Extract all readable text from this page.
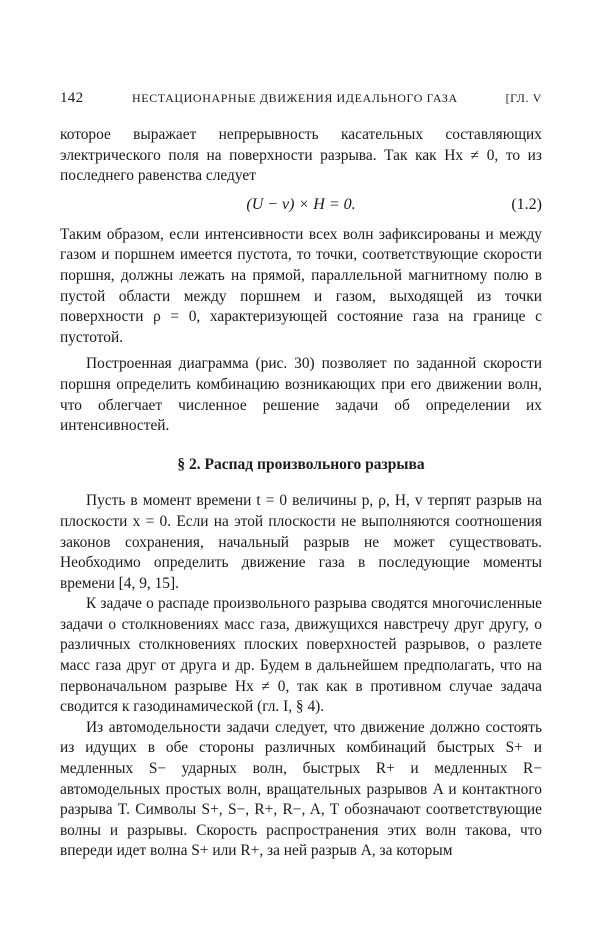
142	НЕСТАЦИОНАРНЫЕ ДВИЖЕНИЯ ИДЕАЛЬНОГО ГАЗА	[ГЛ. V

которое выражает непрерывность касательных составляющих электрического поля на поверхности разрыва. Так как Hx ≠ 0, то из последнего равенства следует

(U − v) × H = 0.	(1.2)

Таким образом, если интенсивности всех волн зафиксированы и между газом и поршнем имеется пустота, то точки, соответствующие скорости поршня, должны лежать на прямой, параллельной магнитному полю в пустой области между поршнем и газом, выходящей из точки поверхности ρ = 0, характеризующей состояние газа на границе с пустотой.

Построенная диаграмма (рис. 30) позволяет по заданной скорости поршня определить комбинацию возникающих при его движении волн, что облегчает численное решение задачи об определении их интенсивностей.

§ 2. Распад произвольного разрыва

Пусть в момент времени t = 0 величины p, ρ, H, v терпят разрыв на плоскости x = 0. Если на этой плоскости не выполняются соотношения законов сохранения, начальный разрыв не может существовать. Необходимо определить движение газа в последующие моменты времени [4, 9, 15].

К задаче о распаде произвольного разрыва сводятся многочисленные задачи о столкновениях масс газа, движущихся навстречу друг другу, о различных столкновениях плоских поверхностей разрывов, о разлете масс газа друг от друга и др. Будем в дальнейшем предполагать, что на первоначальном разрыве Hx ≠ 0, так как в противном случае задача сводится к газодинамической (гл. I, § 4).

Из автомодельности задачи следует, что движение должно состоять из идущих в обе стороны различных комбинаций быстрых S+ и медленных S− ударных волн, быстрых R+ и медленных R− автомодельных простых волн, вращательных разрывов A и контактного разрыва T. Символы S+, S−, R+, R−, A, T обозначают соответствующие волны и разрывы. Скорость распространения этих волн такова, что впереди идет волна S+ или R+, за ней разрыв A, за которым
